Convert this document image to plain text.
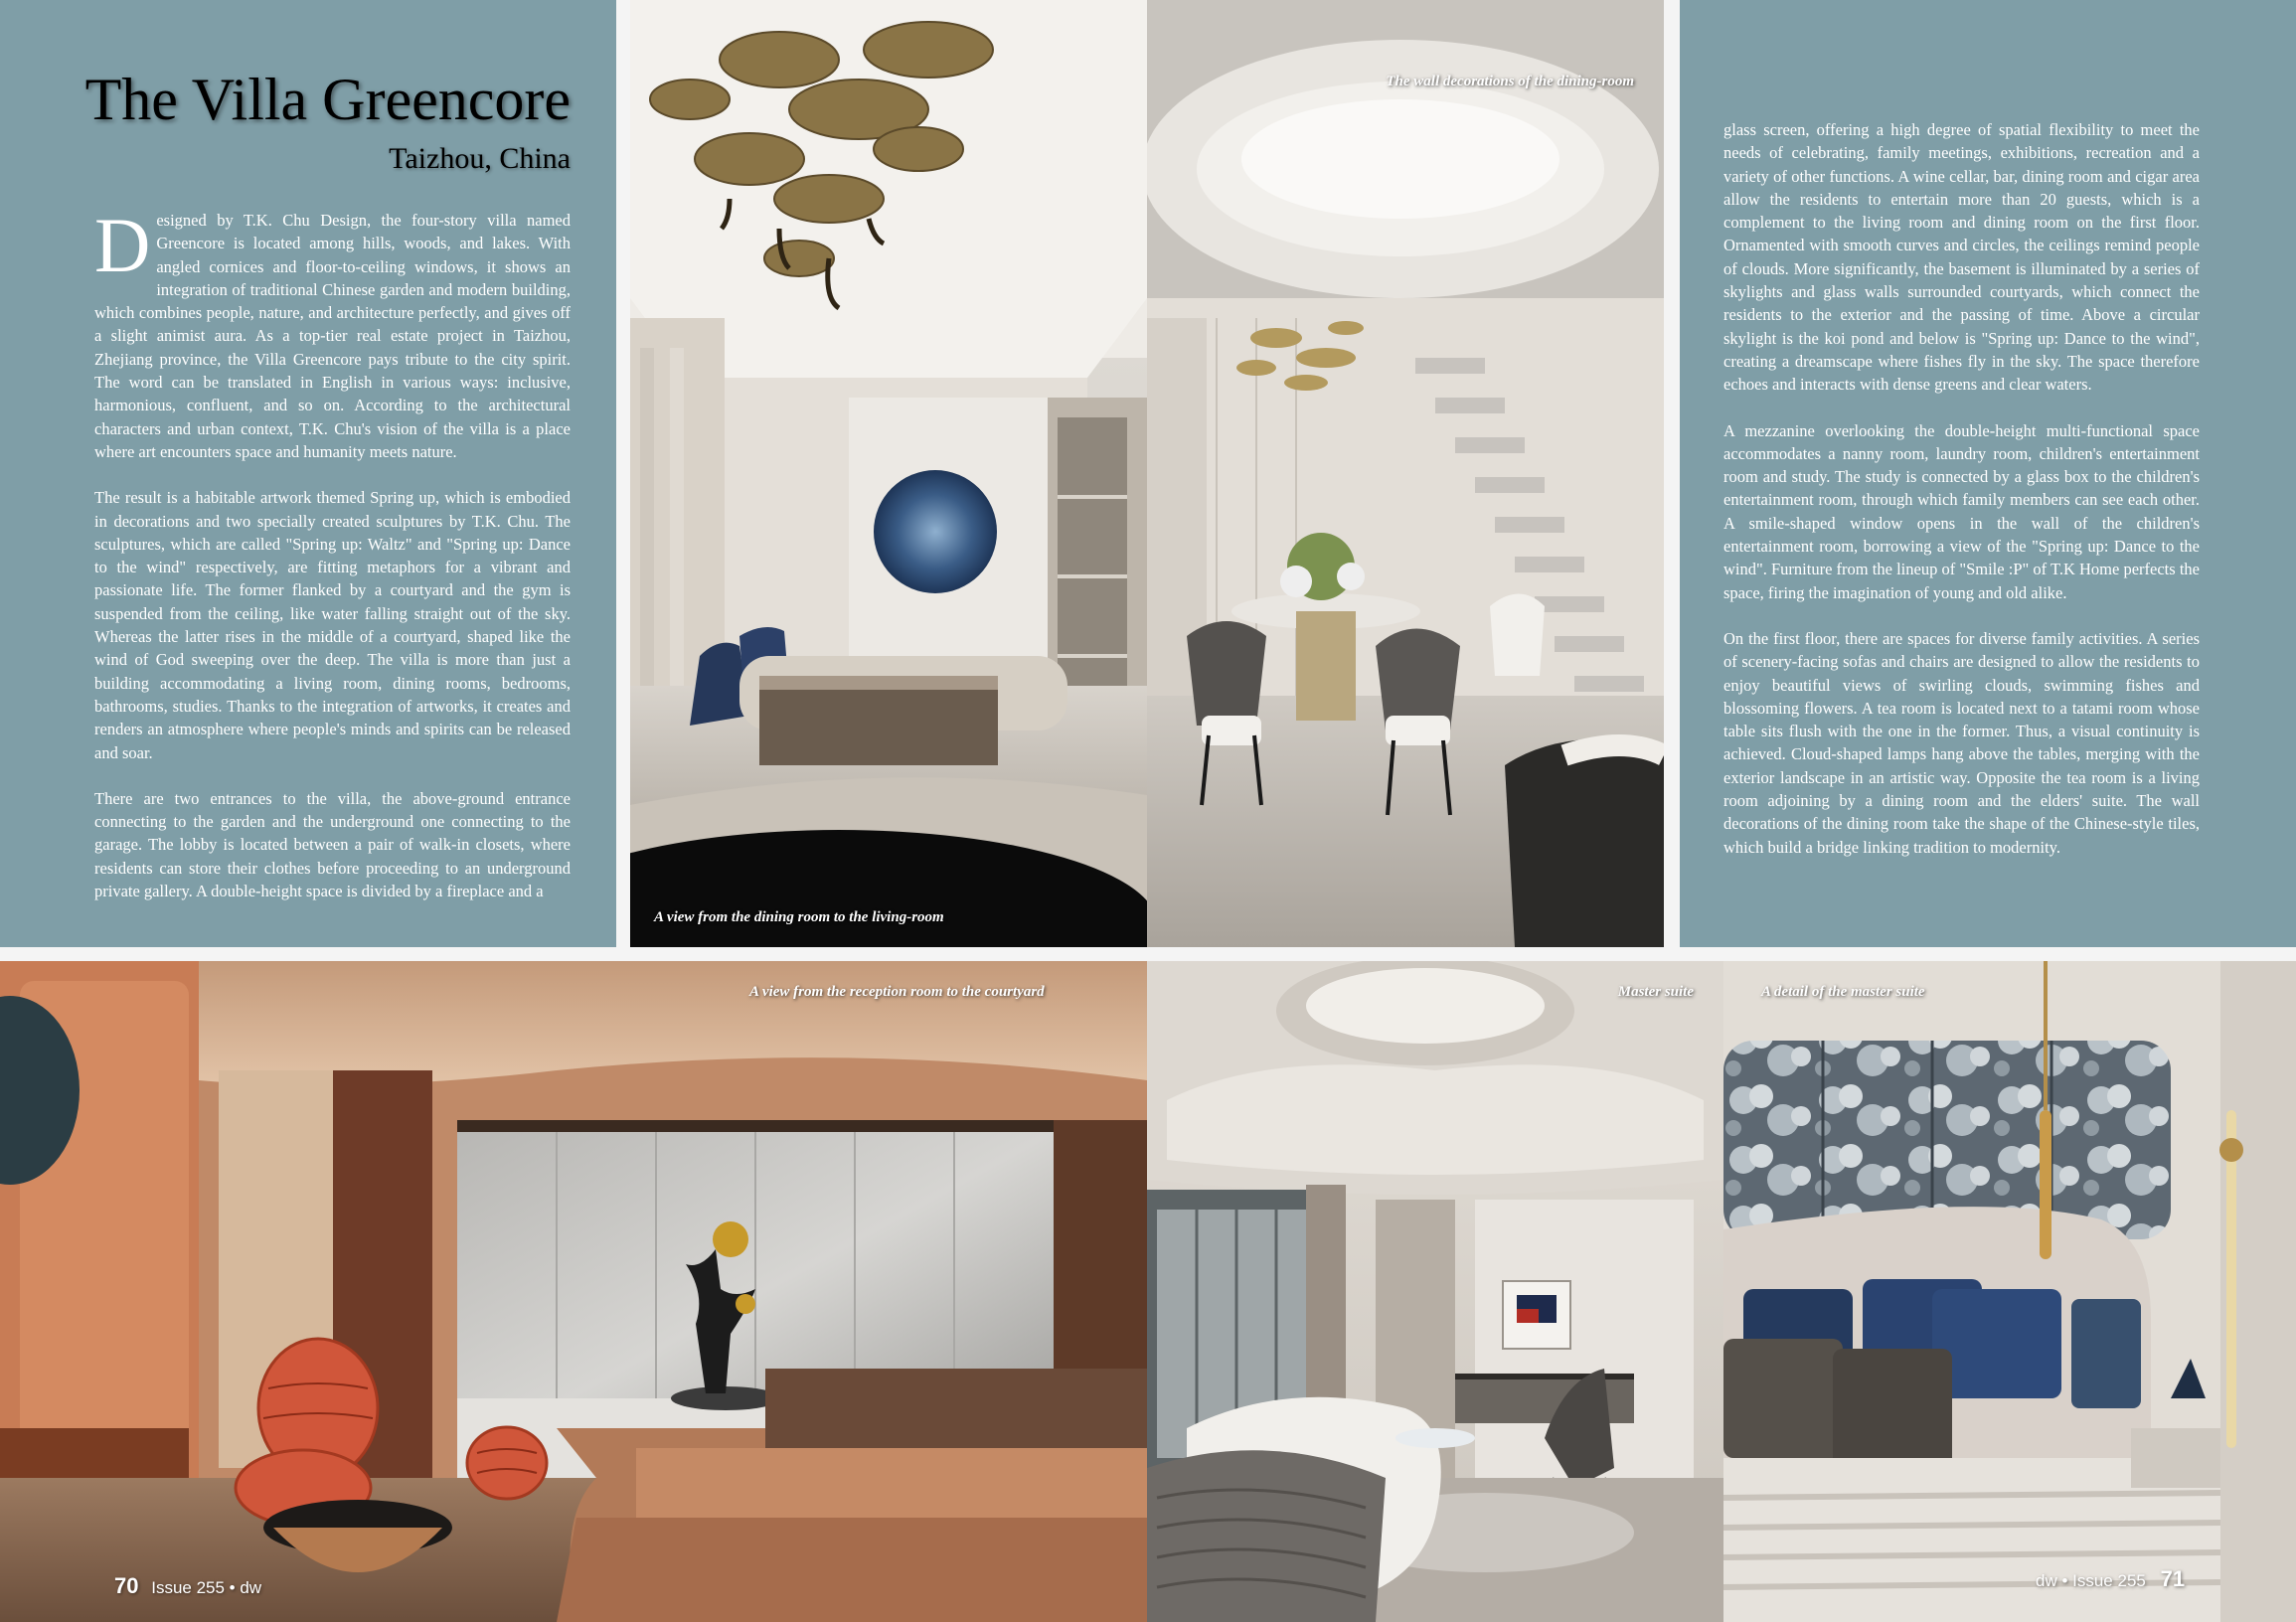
The Villa Greencore
Taizhou, China

Designed by T.K. Chu Design, the four-story villa named Greencore is located among hills, woods, and lakes. With angled cornices and floor-to-ceiling windows, it shows an integration of traditional Chinese garden and modern building, which combines people, nature, and architecture perfectly, and gives off a slight animist aura. As a top-tier real estate project in Taizhou, Zhejiang province, the Villa Greencore pays tribute to the city spirit. The word can be translated in English in various ways: inclusive, harmonious, confluent, and so on. According to the architectural characters and urban context, T.K. Chu's vision of the villa is a place where art encounters space and humanity meets nature.

The result is a habitable artwork themed Spring up, which is embodied in decorations and two specially created sculptures by T.K. Chu. The sculptures, which are called "Spring up: Waltz" and "Spring up: Dance to the wind" respectively, are fitting metaphors for a vibrant and passionate life. The former flanked by a courtyard and the gym is suspended from the ceiling, like water falling straight out of the sky. Whereas the latter rises in the middle of a courtyard, shaped like the wind of God sweeping over the deep. The villa is more than just a building accommodating a living room, dining rooms, bedrooms, bathrooms, studies. Thanks to the integration of artworks, it creates and renders an atmosphere where people's minds and spirits can be released and soar.

There are two entrances to the villa, the above-ground entrance connecting to the garden and the underground one connecting to the garage. The lobby is located between a pair of walk-in closets, where residents can store their clothes before proceeding to an underground private gallery. A double-height space is divided by a fireplace and a

glass screen, offering a high degree of spatial flexibility to meet the needs of celebrating, family meetings, exhibitions, recreation and a variety of other functions. A wine cellar, bar, dining room and cigar area allow the residents to entertain more than 20 guests, which is a complement to the living room and dining room on the first floor. Ornamented with smooth curves and circles, the ceilings remind people of clouds. More significantly, the basement is illuminated by a series of skylights and glass walls surrounded courtyards, which connect the residents to the exterior and the passing of time. Above a circular skylight is the koi pond and below is "Spring up: Dance to the wind", creating a dreamscape where fishes fly in the sky. The space therefore echoes and interacts with dense greens and clear waters.

A mezzanine overlooking the double-height multi-functional space accommodates a nanny room, laundry room, children's entertainment room and study. The study is connected by a glass box to the children's entertainment room, through which family members can see each other. A smile-shaped window opens in the wall of the children's entertainment room, borrowing a view of the "Spring up: Dance to the wind". Furniture from the lineup of "Smile :P" of T.K Home perfects the space, firing the imagination of young and old alike.

On the first floor, there are spaces for diverse family activities. A series of scenery-facing sofas and chairs are designed to allow the residents to enjoy beautiful views of swirling clouds, swimming fishes and blossoming flowers. A tea room is located next to a tatami room whose table sits flush with the one in the former. Thus, a visual continuity is achieved. Cloud-shaped lamps hang above the tables, merging with the exterior landscape in an artistic way. Opposite the tea room is a living room adjoining by a dining room and the elders' suite. The wall decorations of the dining room take the shape of the Chinese-style tiles, which build a bridge linking tradition to modernity.

The wall decorations of the dining-room
A view from the dining room to the living-room
A view from the reception room to the courtyard	Master suite	A detail of the master suite
70 Issue 255 • dw	dw • Issue 255 71
